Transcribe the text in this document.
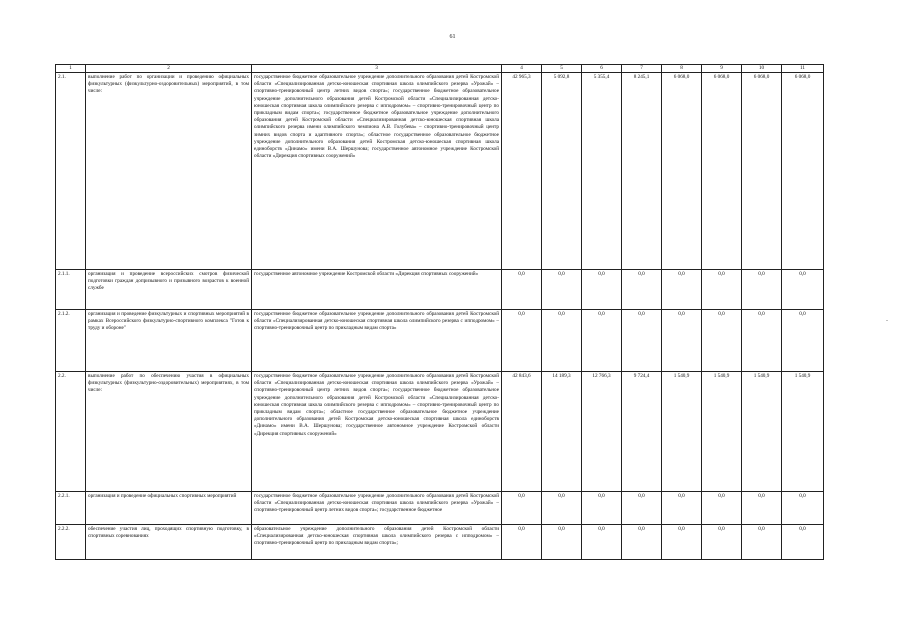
61
1	2	3	4	5	6	7	8	9	10	11
2.1.	выполнение работ по организации и проведению официальных физкультурных (физкультурно-оздоровительных) мероприятий, в том числе:	государственное бюджетное образовательное учреждение дополнительного образования детей Костромской области «Специализированная детско-юношеская спортивная школа олимпийского резерва «Урожай» – спортивно-тренировочный центр летних видов спорта»; государственное бюджетное образовательное учреждение дополнительного образования детей Костромской области «Специализированная детско-юношеская спортивная школа олимпийского резерва с ипподромом» – спортивно-тренировочный центр по прикладным видам спорта»; государственное бюджетное образовательное учреждение дополнительного образования детей Костромской области «Специализированная детско-юношеская спортивная школа олимпийского резерва имени олимпийского чемпиона А.В. Голубева» – спортивно-тренировочный центр зимних видов спорта и адаптивного спорта»; областное государственное образовательное бюджетное учреждение дополнительного образования детей Костромская детско-юношеская спортивная школа единоборств «Динамо» имени В.А. Шершунова; государственное автономное учреждение Костромской области «Дирекция спортивных сооружений»	42 965,3	5 092,8	5 355,4	8 245,1	6 068,0	6 068,0	6 068,0	6 068,0
2.1.1.	организация и проведение всероссийских смотров физической подготовки граждан допризывного и призывного возрастов к военной службе	государственное автономное учреждение Костромской области «Дирекция спортивных сооружений»	0,0	0,0	0,0	0,0	0,0	0,0	0,0	0,0
2.1.2.	организация и проведение физкультурных и спортивных мероприятий в рамках Всероссийского физкультурно-спортивного комплекса "Готов к труду и обороне"	государственное бюджетное образовательное учреждение дополнительного образования детей Костромской области «Специализированная детско-юношеская спортивная школа олимпийского резерва с ипподромом» – спортивно-тренировочный центр по прикладным видам спорта»	0,0	0,0	0,0	0,0	0,0	0,0	0,0	0,0
2.2.	выполнение работ по обеспечению участия в официальных физкультурных (физкультурно-оздоровительных) мероприятиях, в том числе:	государственное бюджетное образовательное учреждение дополнительного образования детей Костромской области «Специализированная детско-юношеская спортивная школа олимпийского резерва «Урожай» – спортивно-тренировочный центр летних видов спорта»; государственное бюджетное образовательное учреждение дополнительного образования детей Костромской области «Специализированная детско-юношеская спортивная школа олимпийского резерва с ипподромом» – спортивно-тренировочный центр по прикладным видам спорта»; областное государственное образовательное бюджетное учреждение дополнительного образования детей Костромская детско-юношеская спортивная школа единоборств «Динамо» имени В.А. Шершунова; государственное автономное учреждение Костромской области «Дирекция спортивных сооружений»	42 843,6	14 189,3	12 766,3	9 724,4	1 540,9	1 540,9	1 540,9	1 540,9
2.2.1.	организация и проведение официальных спортивных мероприятий	государственное бюджетное образовательное учреждение дополнительного образования детей Костромской области «Специализированная детско-юношеская спортивная школа олимпийского резерва «Урожай» – спортивно-тренировочный центр летних видов спорта»; государственное бюджетное	0,0	0,0	0,0	0,0	0,0	0,0	0,0	0,0
2.2.2.	обеспечение участия лиц, проходящих спортивную подготовку, в спортивных соревнованиях	образовательное учреждение дополнительного образования детей Костромской области «Специализированная детско-юношеская спортивная школа олимпийского резерва с ипподромом» – спортивно-тренировочный центр по прикладным видам спорта»;	0,0	0,0	0,0	0,0	0,0	0,0	0,0	0,0
-
